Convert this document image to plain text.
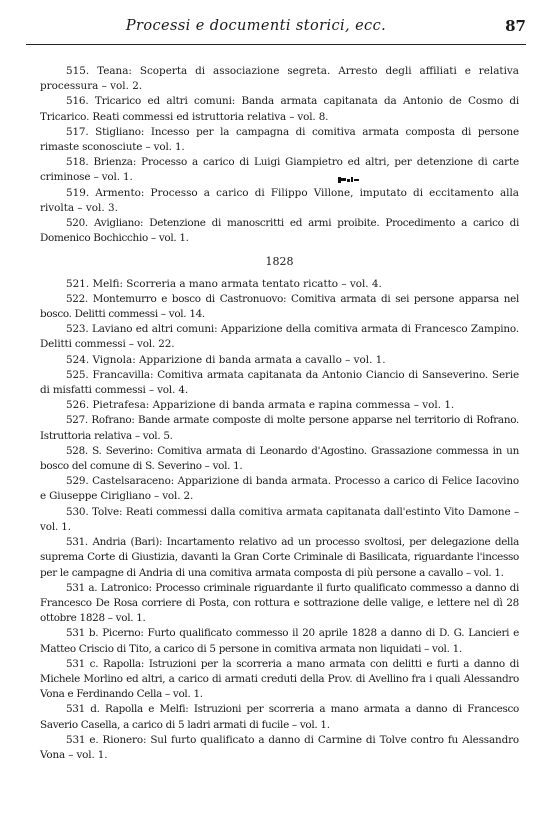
Processi e documenti storici, ecc.	87

515. Teana: Scoperta di associazione segreta. Arresto degli affiliati e relativa processura – vol. 2.

516. Tricarico ed altri comuni: Banda armata capitanata da Antonio de Cosmo di Tricarico. Reati commessi ed istruttoria relativa – vol. 8.

517. Stigliano: Incesso per la campagna di comitiva armata composta di persone rimaste sconosciute – vol. 1.

518. Brienza: Processo a carico di Luigi Giampietro ed altri, per detenzione di carte criminose – vol. 1.

519. Armento: Processo a carico di Filippo Villone, imputato di eccitamento alla rivolta – vol. 3.

520. Avigliano: Detenzione di manoscritti ed armi proibite. Procedimento a carico di Domenico Bochicchio – vol. 1.

1828

521. Melfi: Scorreria a mano armata tentato ricatto – vol. 4.

522. Montemurro e bosco di Castronuovo: Comitiva armata di sei persone apparsa nel bosco. Delitti commessi – vol. 14.

523. Laviano ed altri comuni: Apparizione della comitiva armata di Francesco Zampino. Delitti commessi – vol. 22.

524. Vignola: Apparizione di banda armata a cavallo – vol. 1.

525. Francavilla: Comitiva armata capitanata da Antonio Ciancio di Sanseverino. Serie di misfatti commessi – vol. 4.

526. Pietrafesa: Apparizione di banda armata e rapina commessa – vol. 1.

527. Rofrano: Bande armate composte di molte persone apparse nel territorio di Rofrano. Istruttoria relativa – vol. 5.

528. S. Severino: Comitiva armata di Leonardo d'Agostino. Grassazione commessa in un bosco del comune di S. Severino – vol. 1.

529. Castelsaraceno: Apparizione di banda armata. Processo a carico di Felice Iacovino e Giuseppe Cirigliano – vol. 2.

530. Tolve: Reati commessi dalla comitiva armata capitanata dall'estinto Vito Damone – vol. 1.

531. Andria (Bari): Incartamento relativo ad un processo svoltosi, per delegazione della suprema Corte di Giustizia, davanti la Gran Corte Criminale di Basilicata, riguardante l'incesso per le campagne di Andria di una comitiva armata composta di più persone a cavallo – vol. 1.

531 a. Latronico: Processo criminale riguardante il furto qualificato commesso a danno di Francesco De Rosa corriere di Posta, con rottura e sottrazione delle valige, e lettere nel dì 28 ottobre 1828 – vol. 1.

531 b. Picerno: Furto qualificato commesso il 20 aprile 1828 a danno di D. G. Lancieri e Matteo Criscio di Tito, a carico di 5 persone in comitiva armata non liquidati – vol. 1.

531 c. Rapolla: Istruzioni per la scorreria a mano armata con delitti e furti a danno di Michele Morlino ed altri, a carico di armati creduti della Prov. di Avellino fra i quali Alessandro Vona e Ferdinando Cella – vol. 1.

531 d. Rapolla e Melfi: Istruzioni per scorreria a mano armata a danno di Francesco Saverio Casella, a carico di 5 ladri armati di fucile – vol. 1.

531 e. Rionero: Sul furto qualificato a danno di Carmine di Tolve contro fu Alessandro Vona – vol. 1.
